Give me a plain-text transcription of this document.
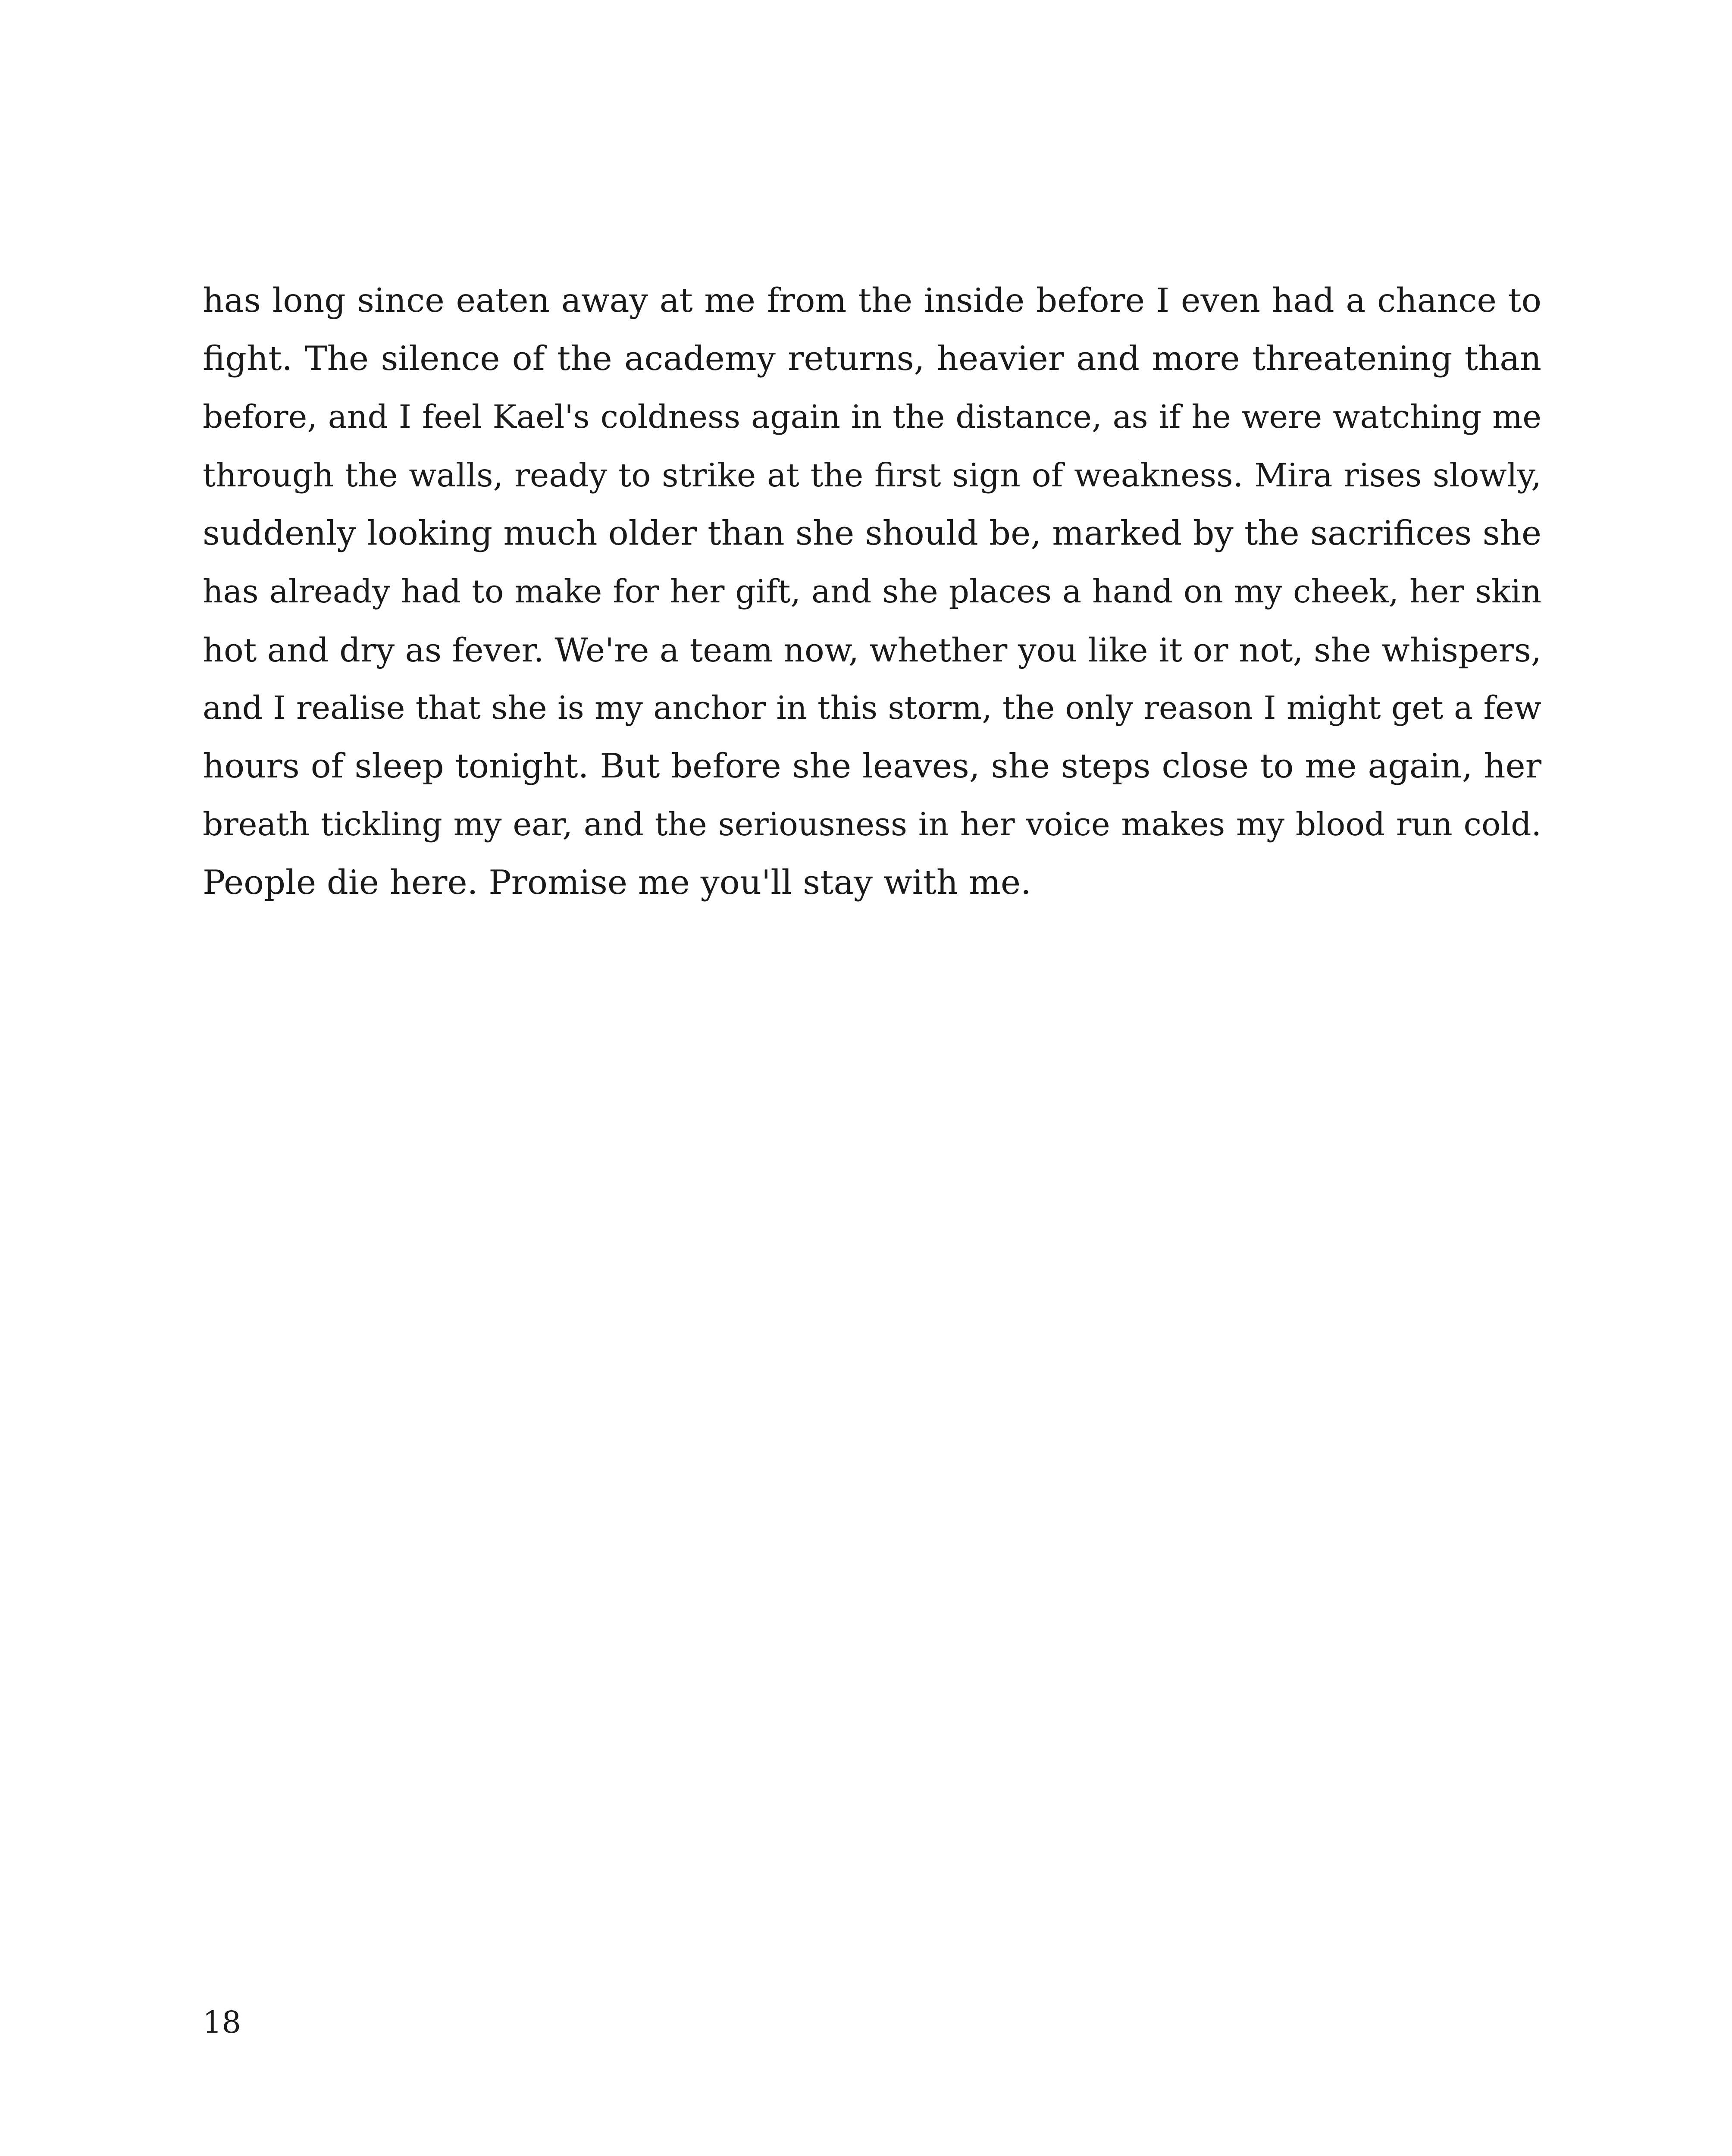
has long since eaten away at me from the inside before I even had a chance to
fight. The silence of the academy returns, heavier and more threatening than
before, and I feel Kael's coldness again in the distance, as if he were watching me
through the walls, ready to strike at the first sign of weakness. Mira rises slowly,
suddenly looking much older than she should be, marked by the sacrifices she
has already had to make for her gift, and she places a hand on my cheek, her skin
hot and dry as fever. We're a team now, whether you like it or not, she whispers,
and I realise that she is my anchor in this storm, the only reason I might get a few
hours of sleep tonight. But before she leaves, she steps close to me again, her
breath tickling my ear, and the seriousness in her voice makes my blood run cold.
People die here. Promise me you'll stay with me.

18
